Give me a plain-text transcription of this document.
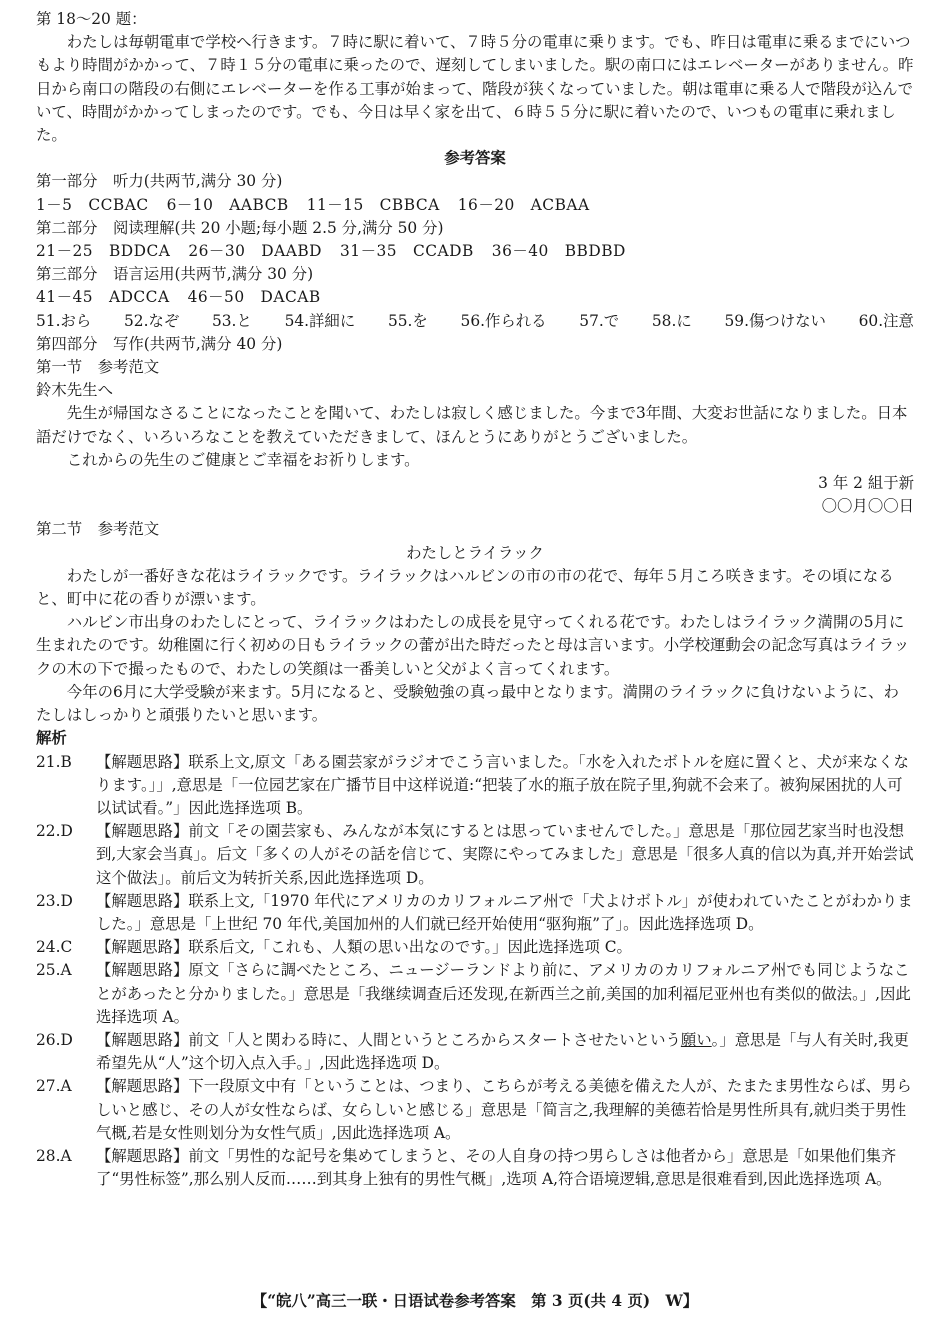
第 18～20 题：

わたしは毎朝電車で学校へ行きます。７時に駅に着いて、７時５分の電車に乗ります。でも、昨日は電車に乗るまでにいつもより時間がかかって、７時１５分の電車に乗ったので、遅刻してしまいました。駅の南口にはエレベーターがありません。昨日から南口の階段の右側にエレベーターを作る工事が始まって、階段が狭くなっていました。朝は電車に乗る人で階段が込んでいて、時間がかかってしまったのです。でも、今日は早く家を出て、６時５５分に駅に着いたので、いつもの電車に乗れました。

参考答案

第一部分　听力(共两节,满分 30 分)

1－5　CCBAC 6－10　AABCB 11－15　CBBCA 16－20　ACBAA

第二部分　阅读理解(共 20 小题;每小题 2.5 分,满分 50 分)

21－25　BDDCA 26－30　DAABD 31－35　CCADB 36－40　BBDBD

第三部分　语言运用(共两节,满分 30 分)

41－45　ADCCA 46－50　DACAB
51.おら 52.なぞ 53.と 54.詳細に 55.を 56.作られる 57.で 58.に 59.傷つけない 60.注意

第四部分　写作(共两节,满分 40 分)

第一节　参考范文

鈴木先生へ

先生が帰国なさることになったことを聞いて、わたしは寂しく感じました。今まで3年間、大変お世話になりました。日本語だけでなく、いろいろなことを教えていただきまして、ほんとうにありがとうございました。

これからの先生のご健康とご幸福をお祈りします。

3 年 2 組于新

〇〇月〇〇日

第二节　参考范文

わたしとライラック

わたしが一番好きな花はライラックです。ライラックはハルビンの市の市の花で、毎年５月ころ咲きます。その頃になると、町中に花の香りが漂います。

ハルビン市出身のわたしにとって、ライラックはわたしの成長を見守ってくれる花です。わたしはライラック満開の5月に生まれたのです。幼稚園に行く初めの日もライラックの蕾が出た時だったと母は言います。小学校運動会の記念写真はライラックの木の下で撮ったもので、わたしの笑顔は一番美しいと父がよく言ってくれます。

今年の6月に大学受験が来ます。5月になると、受験勉強の真っ最中となります。満開のライラックに負けないように、わたしはしっかりと頑張りたいと思います。

解析

21.B	【解题思路】联系上文,原文「ある園芸家がラジオでこう言いました。「水を入れたボトルを庭に置くと、犬が来なくなります。」」,意思是「一位园艺家在广播节目中这样说道:“把装了水的瓶子放在院子里,狗就不会来了。被狗屎困扰的人可以试试看。”」因此选择选项 B。
22.D	【解题思路】前文「その園芸家も、みんなが本気にするとは思っていませんでした。」意思是「那位园艺家当时也没想到,大家会当真」。后文「多くの人がその話を信じて、実際にやってみました」意思是「很多人真的信以为真,并开始尝试这个做法」。前后文为转折关系,因此选择选项 D。
23.D	【解题思路】联系上文,「1970 年代にアメリカのカリフォルニア州で「犬よけボトル」が使われていたことがわかりました。」意思是「上世纪 70 年代,美国加州的人们就已经开始使用“驱狗瓶”了」。因此选择选项 D。
24.C	【解题思路】联系后文,「これも、人類の思い出なのです。」因此选择选项 C。
25.A	【解题思路】原文「さらに調べたところ、ニュージーランドより前に、アメリカのカリフォルニア州でも同じようなことがあったと分かりました。」意思是「我继续调查后还发现,在新西兰之前,美国的加利福尼亚州也有类似的做法。」,因此选择选项 A。
26.D	【解题思路】前文「人と関わる時に、人間というところからスタートさせたいという願い。」意思是「与人有关时,我更希望先从“人”这个切入点入手。」,因此选择选项 D。
27.A	【解题思路】下一段原文中有「ということは、つまり、こちらが考える美徳を備えた人が、たまたま男性ならば、男らしいと感じ、その人が女性ならば、女らしいと感じる」意思是「简言之,我理解的美德若恰是男性所具有,就归类于男性气概,若是女性则划分为女性气质」,因此选择选项 A。
28.A	【解题思路】前文「男性的な記号を集めてしまうと、その人自身の持つ男らしさは他者から」意思是「如果他们集齐了“男性标签”,那么别人反而……到其身上独有的男性气概」,选项 A,符合语境逻辑,意思是很难看到,因此选择选项 A。
【“皖八”高三一联・日语试卷参考答案　第 3 页(共 4 页)　W】
